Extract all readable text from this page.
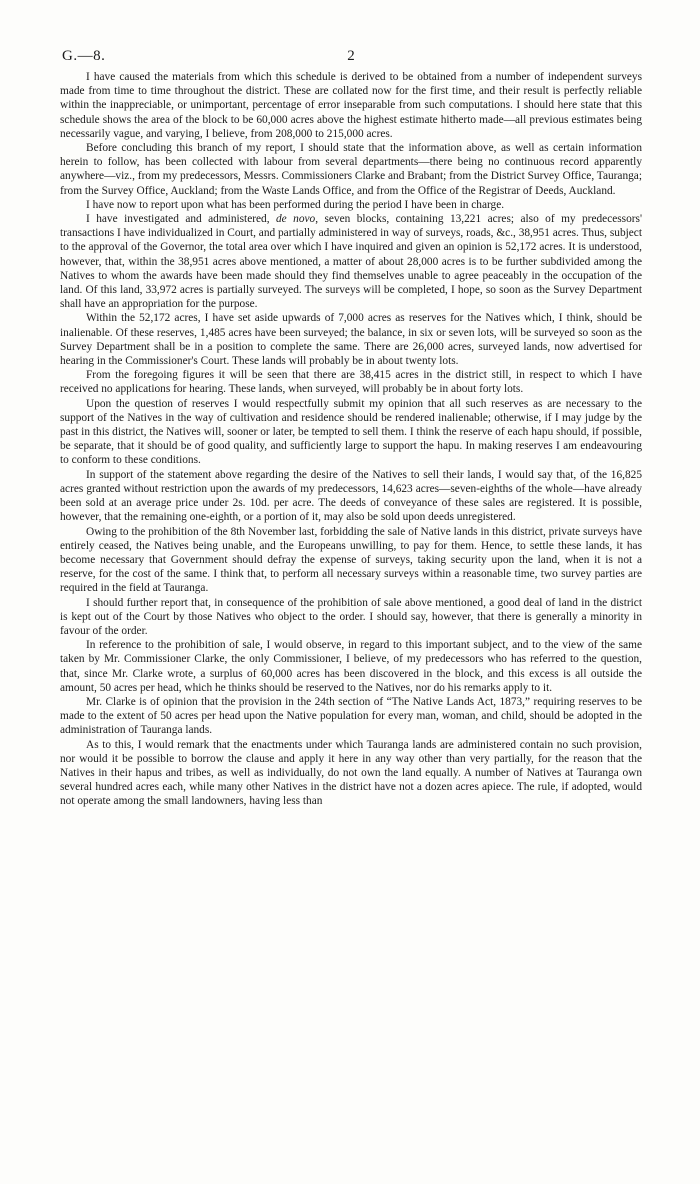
G.—8.	2

I have caused the materials from which this schedule is derived to be obtained from a number of independent surveys made from time to time throughout the district. These are collated now for the first time, and their result is perfectly reliable within the inappreciable, or unimportant, percentage of error inseparable from such computations. I should here state that this schedule shows the area of the block to be 60,000 acres above the highest estimate hitherto made—all previous estimates being necessarily vague, and varying, I believe, from 208,000 to 215,000 acres.

Before concluding this branch of my report, I should state that the information above, as well as certain information herein to follow, has been collected with labour from several departments—there being no continuous record apparently anywhere—viz., from my predecessors, Messrs. Commissioners Clarke and Brabant; from the District Survey Office, Tauranga; from the Survey Office, Auckland; from the Waste Lands Office, and from the Office of the Registrar of Deeds, Auckland.

I have now to report upon what has been performed during the period I have been in charge.

I have investigated and administered, de novo, seven blocks, containing 13,221 acres; also of my predecessors' transactions I have individualized in Court, and partially administered in way of surveys, roads, &c., 38,951 acres. Thus, subject to the approval of the Governor, the total area over which I have inquired and given an opinion is 52,172 acres. It is understood, however, that, within the 38,951 acres above mentioned, a matter of about 28,000 acres is to be further subdivided among the Natives to whom the awards have been made should they find themselves unable to agree peaceably in the occupation of the land. Of this land, 33,972 acres is partially surveyed. The surveys will be completed, I hope, so soon as the Survey Department shall have an appropriation for the purpose.

Within the 52,172 acres, I have set aside upwards of 7,000 acres as reserves for the Natives which, I think, should be inalienable. Of these reserves, 1,485 acres have been surveyed; the balance, in six or seven lots, will be surveyed so soon as the Survey Department shall be in a position to complete the same. There are 26,000 acres, surveyed lands, now advertised for hearing in the Commissioner's Court. These lands will probably be in about twenty lots.

From the foregoing figures it will be seen that there are 38,415 acres in the district still, in respect to which I have received no applications for hearing. These lands, when surveyed, will probably be in about forty lots.

Upon the question of reserves I would respectfully submit my opinion that all such reserves as are necessary to the support of the Natives in the way of cultivation and residence should be rendered inalienable; otherwise, if I may judge by the past in this district, the Natives will, sooner or later, be tempted to sell them. I think the reserve of each hapu should, if possible, be separate, that it should be of good quality, and sufficiently large to support the hapu. In making reserves I am endeavouring to conform to these conditions.

In support of the statement above regarding the desire of the Natives to sell their lands, I would say that, of the 16,825 acres granted without restriction upon the awards of my predecessors, 14,623 acres—seven-eighths of the whole—have already been sold at an average price under 2s. 10d. per acre. The deeds of conveyance of these sales are registered. It is possible, however, that the remaining one-eighth, or a portion of it, may also be sold upon deeds unregistered.

Owing to the prohibition of the 8th November last, forbidding the sale of Native lands in this district, private surveys have entirely ceased, the Natives being unable, and the Europeans unwilling, to pay for them. Hence, to settle these lands, it has become necessary that Government should defray the expense of surveys, taking security upon the land, when it is not a reserve, for the cost of the same. I think that, to perform all necessary surveys within a reasonable time, two survey parties are required in the field at Tauranga.

I should further report that, in consequence of the prohibition of sale above mentioned, a good deal of land in the district is kept out of the Court by those Natives who object to the order. I should say, however, that there is generally a minority in favour of the order.

In reference to the prohibition of sale, I would observe, in regard to this important subject, and to the view of the same taken by Mr. Commissioner Clarke, the only Commissioner, I believe, of my predecessors who has referred to the question, that, since Mr. Clarke wrote, a surplus of 60,000 acres has been discovered in the block, and this excess is all outside the amount, 50 acres per head, which he thinks should be reserved to the Natives, nor do his remarks apply to it.

Mr. Clarke is of opinion that the provision in the 24th section of “The Native Lands Act, 1873,” requiring reserves to be made to the extent of 50 acres per head upon the Native population for every man, woman, and child, should be adopted in the administration of Tauranga lands.

As to this, I would remark that the enactments under which Tauranga lands are administered contain no such provision, nor would it be possible to borrow the clause and apply it here in any way other than very partially, for the reason that the Natives in their hapus and tribes, as well as individually, do not own the land equally. A number of Natives at Tauranga own several hundred acres each, while many other Natives in the district have not a dozen acres apiece. The rule, if adopted, would not operate among the small landowners, having less than
